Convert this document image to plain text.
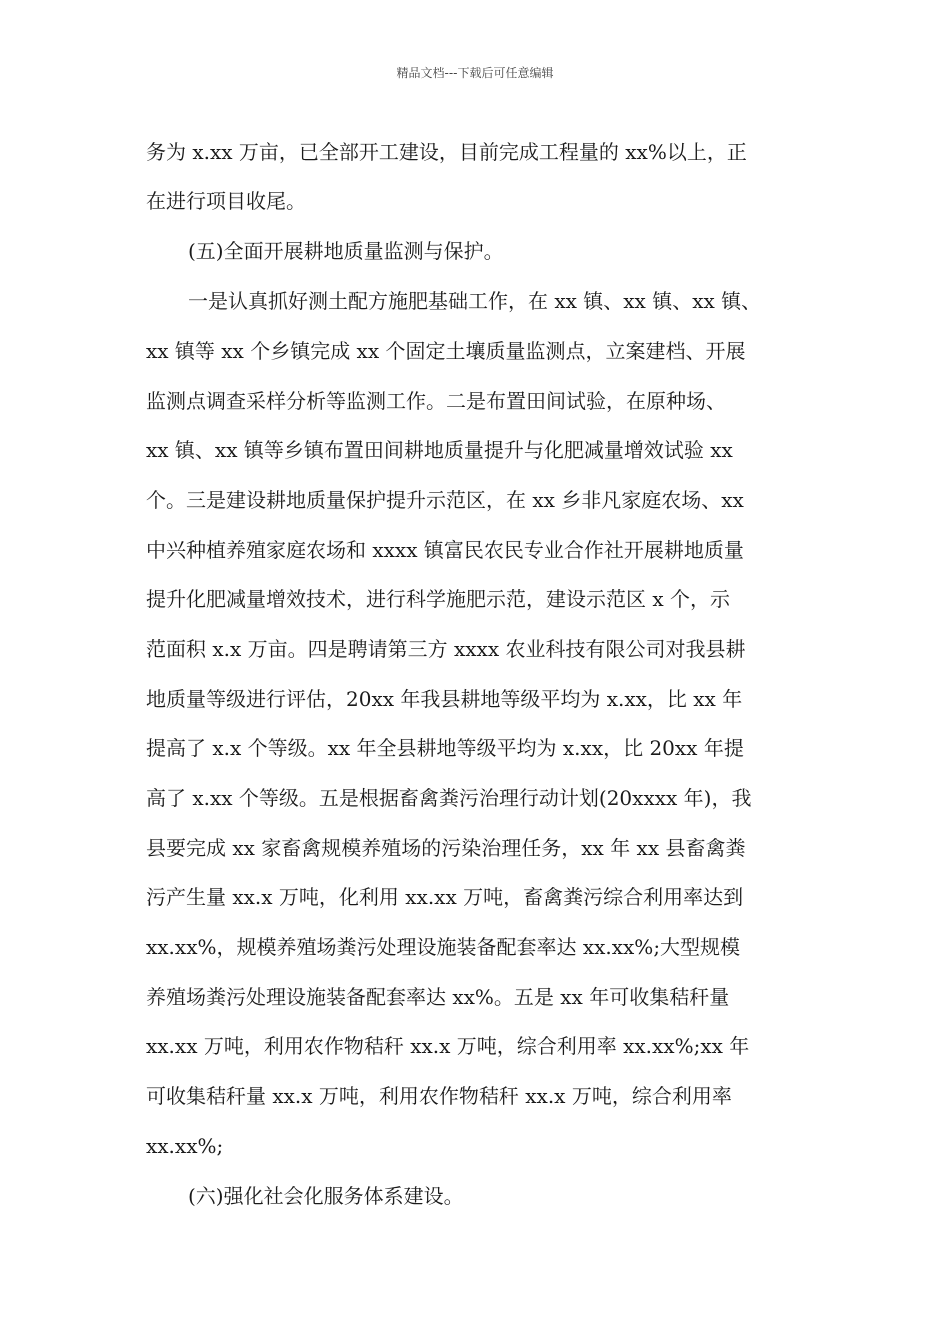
精品文档---下载后可任意编辑
务为 x.xx 万亩，已全部开工建设，目前完成工程量的 xx%以上，正
在进行项目收尾。
(五)全面开展耕地质量监测与保护。
一是认真抓好测土配方施肥基础工作，在 xx 镇、xx 镇、xx 镇、
xx 镇等 xx 个乡镇完成 xx 个固定土壤质量监测点，立案建档、开展
监测点调查采样分析等监测工作。二是布置田间试验，在原种场、
xx 镇、xx 镇等乡镇布置田间耕地质量提升与化肥减量增效试验 xx
个。三是建设耕地质量保护提升示范区，在 xx 乡非凡家庭农场、xx
中兴种植养殖家庭农场和 xxxx 镇富民农民专业合作社开展耕地质量
提升化肥减量增效技术，进行科学施肥示范，建设示范区 x 个，示
范面积 x.x 万亩。四是聘请第三方 xxxx 农业科技有限公司对我县耕
地质量等级进行评估，20xx 年我县耕地等级平均为 x.xx，比 xx 年
提高了 x.x 个等级。xx 年全县耕地等级平均为 x.xx，比 20xx 年提
高了 x.xx 个等级。五是根据畜禽粪污治理行动计划(20xxxx 年)，我
县要完成 xx 家畜禽规模养殖场的污染治理任务，xx 年 xx 县畜禽粪
污产生量 xx.x 万吨，化利用 xx.xx 万吨，畜禽粪污综合利用率达到
xx.xx%，规模养殖场粪污处理设施装备配套率达 xx.xx%;大型规模
养殖场粪污处理设施装备配套率达 xx%。五是 xx 年可收集秸秆量
xx.xx 万吨，利用农作物秸秆 xx.x 万吨，综合利用率 xx.xx%;xx 年
可收集秸秆量 xx.x 万吨，利用农作物秸秆 xx.x 万吨，综合利用率
xx.xx%;
(六)强化社会化服务体系建设。
